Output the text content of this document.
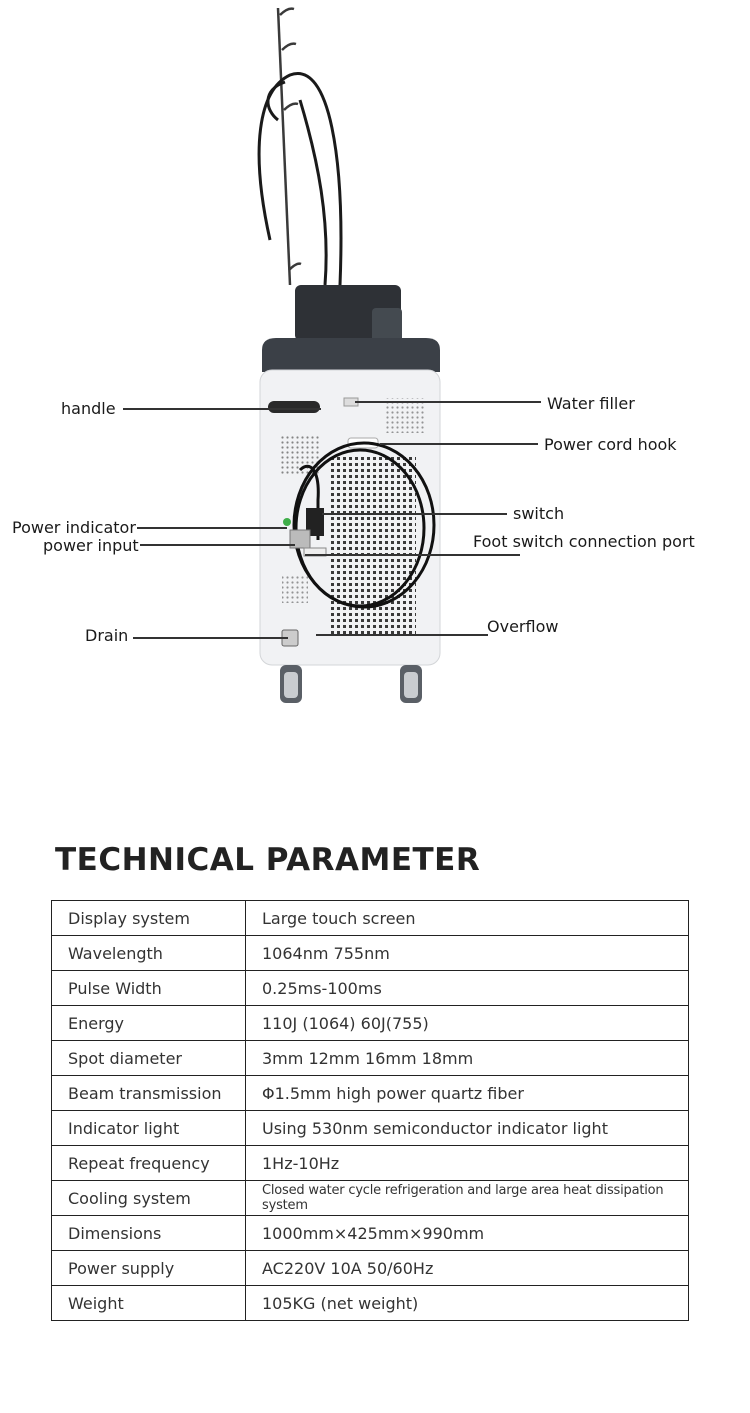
handle	Water filler
Power cord hook
switch
Power indicator
power input	Foot switch connection port
Drain	Overflow
TECHNICAL PARAMETER
Display system	Large touch screen
Wavelength	1064nm 755nm
Pulse Width	0.25ms-100ms
Energy	110J (1064) 60J(755)
Spot diameter	3mm 12mm 16mm 18mm
Beam transmission	Φ1.5mm high power quartz fiber
Indicator light	Using 530nm semiconductor indicator light
Repeat frequency	1Hz-10Hz
Cooling system	Closed water cycle refrigeration and large area heat dissipation system
Dimensions	1000mm×425mm×990mm
Power supply	AC220V 10A 50/60Hz
Weight	105KG (net weight)
